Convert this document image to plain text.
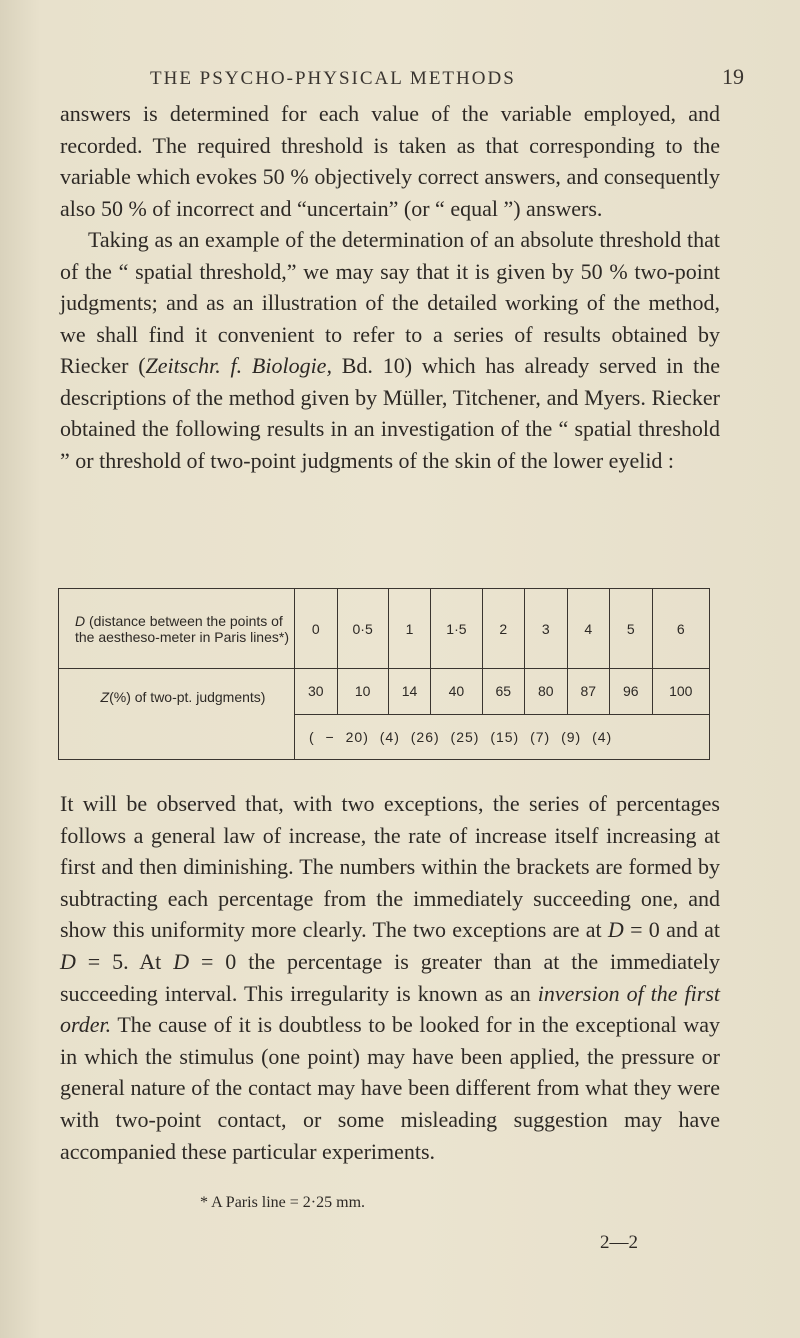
THE PSYCHO-PHYSICAL METHODS	19

answers is determined for each value of the variable employed, and recorded. The required threshold is taken as that corresponding to the variable which evokes 50 % objectively correct answers, and consequently also 50 % of incorrect and “uncertain” (or “ equal ”) answers.

Taking as an example of the determination of an absolute threshold that of the “ spatial threshold,” we may say that it is given by 50 % two-point judgments; and as an illustration of the detailed working of the method, we shall find it convenient to refer to a series of results obtained by Riecker (Zeitschr. f. Biologie, Bd. 10) which has already served in the descriptions of the method given by Müller, Titchener, and Myers. Riecker obtained the following results in an investigation of the “ spatial threshold ” or threshold of two-point judgments of the skin of the lower eyelid :

D (distance between the points of the aestheso-meter in Paris lines*)	0	0·5	1	1·5	2	3	4	5	6
Z(%) of two-pt. judgments)	30	10	14	40	65	80	87	96	100
	( − 20) (4) (26) (25) (15) (7) (9) (4)								

It will be observed that, with two exceptions, the series of percentages follows a general law of increase, the rate of increase itself increasing at first and then diminishing. The numbers within the brackets are formed by subtracting each percentage from the immediately succeeding one, and show this uniformity more clearly. The two exceptions are at D = 0 and at D = 5. At D = 0 the percentage is greater than at the immediately succeeding interval. This irregularity is known as an inversion of the first order. The cause of it is doubtless to be looked for in the exceptional way in which the stimulus (one point) may have been applied, the pressure or general nature of the contact may have been different from what they were with two-point contact, or some misleading suggestion may have accompanied these particular experiments.

* A Paris line = 2·25 mm.
2—2
